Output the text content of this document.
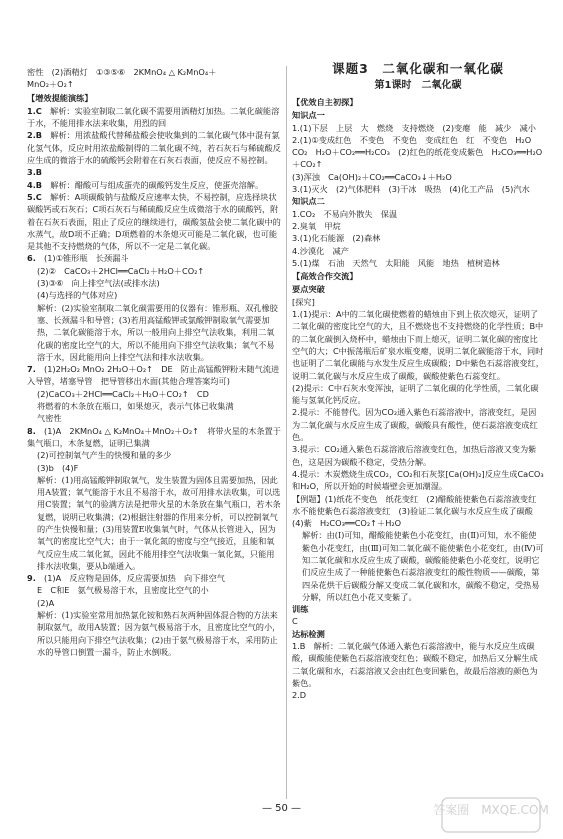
密性　(2)酒精灯　①③⑤⑥　2KMnO₄ △ K₂MnO₄＋

MnO₂＋O₂↑

【增效提能演练】

1.C　解析：实验室制取二氧化碳不需要用酒精灯加热。二氧化碳能溶于水，不能用排水法来收集，用烈的回

2.B　解析：用浓盐酸代替稀盐酸会使收集到的二氧化碳气体中混有氯化氢气体，反应时用浓盐酸制得的二氧化碳不纯，若石灰石与稀硫酸反应生成的微溶于水的硫酸钙会附着在石灰石表面，使反应不易控制。

3.B

4.B　解析：醋酸可与组成蛋壳的碳酸钙发生反应，使蛋壳溶解。

5.C　解析：A项碳酸钠与盐酸反应速率太快，不易控制，应选择块状碳酸钙或石灰石；C项石灰石与稀硫酸反应生成微溶于水的硫酸钙，附着在石灰石表面，阻止了反应的继续进行，碳酸氢盐会使二氧化碳中的水蒸气，故D项不正确；D项燃着的木条熄灭可能是二氧化碳，也可能是其他不支持燃烧的气体，所以不一定是二氧化碳。

6.　(1)①锥形瓶　长颈漏斗

(2)②　CaCO₃＋2HCl══CaCl₂＋H₂O＋CO₂↑

(3)③⑥　向上排空气法(或排水法)

(4)与选择的气体对应)

解析：(2)实验室制取二氧化碳需要用的仪器有：锥形瓶、双孔橡胶塞、长颈漏斗和导管；(3)若用高锰酸钾或氯酸钾制取氧气需要加热，二氧化碳能溶于水，所以一般用向上排空气法收集，利用二氧化碳的密度比空气的大，所以不能用向下排空气法收集；氧气不易溶于水，因此能用向上排空气法和排水法收集。

7.　(1)2H₂O₂ MnO₂ 2H₂O＋O₂↑　DE　防止高锰酸钾粉末随气流进入导管，堵塞导管　把导管移出水面(其他合理答案均可)

(2)CaCO₃＋2HCl══CaCl₂＋H₂O＋CO₂↑　CD

将燃着的木条放在瓶口，如果熄灭，表示气体已收集满

气密性

8.　(1)A　2KMnO₄ △ K₂MnO₄＋MnO₂＋O₂↑　将带火星的木条置于集气瓶口，木条复燃，证明已集满

(2)可控制氧气产生的快慢和量的多少

(3)b　(4)F

解析：(1)用高锰酸钾制取氧气，发生装置为固体且需要加热，因此用A装置；氧气能溶于水且不易溶于水，故可用排水法收集，可以选用C装置；氧气的验满方法是把带火星的木条放在集气瓶口，若木条复燃，说明已收集满；(2)根据注射器的作用来分析，可以控制氧气的产生快慢和量；(3)用装置E收集氧气时，气体从长管进入，因为氧气的密度比空气大；由于一氧化氮的密度与空气接近，且能和氧气反应生成二氧化氮，因此不能用排空气法收集一氧化氮，只能用排水法收集，要从b端通入。

9.　(1)A　反应物是固体，反应需要加热　向下排空气

E　C和E　氨气极易溶于水，且密度比空气的小

(2)A

解析：(1)实验室常用加热氯化铵和熟石灰两种固体混合物的方法来制取氨气，故用A装置；因为氨气极易溶于水，且密度比空气的小，所以只能用向下排空气法收集；(2)由于氨气极易溶于水，采用防止水的导管口倒置一漏斗，防止水倒吸。

课题3　二氧化碳和一氧化碳
第1课时　二氧化碳

【优效自主初探】

知识点一

1.(1)下层　上层　大　燃烧　支持燃烧　(2)变瘪　能　减少　减小

2.(1)①变成红色　不变色　不变色　变成红色　红　不变色　H₂O　CO₂　H₂O＋CO₂══H₂CO₃　(2)红色的纸花变成紫色　H₂CO₃══H₂O＋CO₂↑

(3)浑浊　Ca(OH)₂＋CO₂══CaCO₃↓＋H₂O

3.(1)灭火　(2)气体肥料　(3)干冰　吸热　(4)化工产品　(5)汽水

知识点二

1.CO₂　不易向外散失　保温

2.臭氧　甲烷

3.(1)化石能源　(2)森林

4.沙漠化　减产

5.(1)煤　石油　天然气　太阳能　风能　地热　植树造林

【高效合作交流】

要点突破

[探究]

1.(1)提示：A中的二氧化碳使燃着的蜡烛由下到上依次熄灭，证明了二氧化碳的密度比空气的大，且不燃烧也不支持燃烧的化学性质；B中的二氧化碳倒入烧杯中，蜡烛由下而上熄灭，证明二氧化碳的密度比空气的大；C中振荡瓶后矿泉水瓶变瘪，说明二氧化碳能溶于水，同时也证明了二氧化碳能与水发生反应生成碳酸；D中紫色石蕊溶液变红，说明二氧化碳与水反应生成了碳酸，碳酸使紫色石蕊变红。

(2)提示：C中石灰水变浑浊，证明了二氧化碳的化学性质，二氧化碳能与氢氧化钙反应。

2.提示：不能替代。因为CO₂通入紫色石蕊溶液中，溶液变红，是因为二氧化碳与水反应生成了碳酸，碳酸具有酸性，使石蕊溶液变成红色。

3.提示：CO₂通入紫色石蕊溶液后溶液变红色，加热后溶液又变为紫色，这是因为碳酸不稳定，受热分解。

4.提示：木炭燃烧生成CO₂，CO₂和石灰浆[Ca(OH)₂]反应生成CaCO₃和H₂O，所以开始的时候墙壁会更加潮湿。

【例题】(1)纸花不变色　纸花变红　(2)醋酸能使紫色石蕊溶液变红　水不能使紫色石蕊溶液变红　(3)验证二氧化碳与水反应生成了碳酸　(4)紫　H₂CO₃══CO₂↑＋H₂O

解析：由(Ⅰ)可知，醋酸能使紫色小花变红，由(Ⅱ)可知，水不能使紫色小花变红，由(Ⅲ)可知二氧化碳不能使紫色小花变红，由(Ⅳ)可知二氧化碳和水反应生成了碳酸，碳酸能使紫色小花变红，说明它们反应生成了一种能使紫色石蕊溶液变红的酸性物质——碳酸，第四朵花烘干后碳酸分解又变成二氧化碳和水，碳酸不稳定，受热易分解，所以红色小花又变紫了。

训练

C

达标检测

1.B　解析：二氧化碳气体通入紫色石蕊溶液中，能与水反应生成碳酸，碳酸能使紫色石蕊溶液变红色；碳酸不稳定，加热后又分解生成二氧化碳和水，石蕊溶液又会由红色变回紫色，故最后溶液的颜色为紫色。

2.D

— 50 —	答案圈　MXQE.COM
